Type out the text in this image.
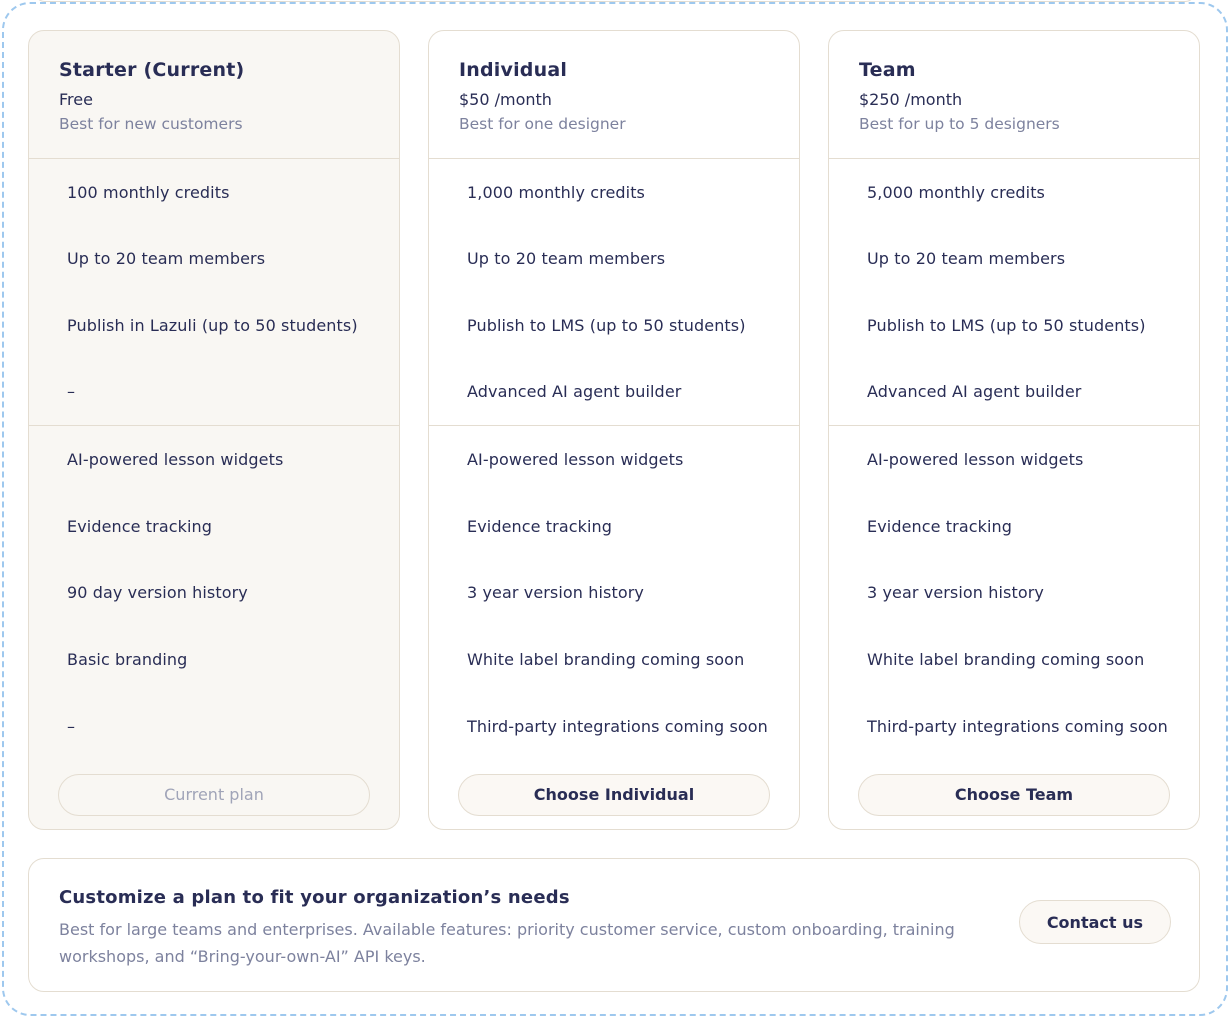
Starter (Current)
Free
Best for new customers
100 monthly credits
Up to 20 team members
Publish in Lazuli (up to 50 students)
–
AI-powered lesson widgets
Evidence tracking
90 day version history
Basic branding
–
Current plan
Individual
$50 /month
Best for one designer
1,000 monthly credits
Up to 20 team members
Publish to LMS (up to 50 students)
Advanced AI agent builder
AI-powered lesson widgets
Evidence tracking
3 year version history
White label branding coming soon
Third-party integrations coming soon
Choose Individual
Team
$250 /month
Best for up to 5 designers
5,000 monthly credits
Up to 20 team members
Publish to LMS (up to 50 students)
Advanced AI agent builder
AI-powered lesson widgets
Evidence tracking
3 year version history
White label branding coming soon
Third-party integrations coming soon
Choose Team
Customize a plan to fit your organization’s needs

Best for large teams and enterprises. Available features: priority customer service, custom onboarding, training workshops, and “Bring-your-own-AI” API keys.

Contact us
